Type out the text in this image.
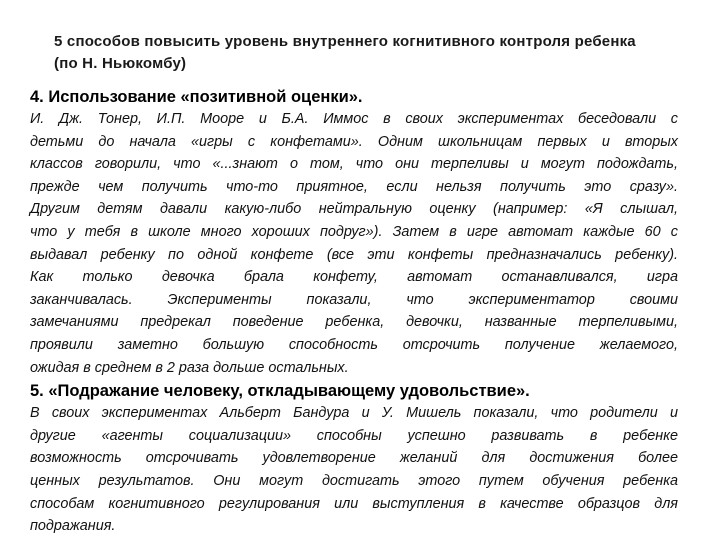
5 способов повысить уровень внутреннего когнитивного контроля ребенка
(по Н. Ньюкомбу)
4. Использование «позитивной оценки».
И. Дж. Тонер, И.П. Мооре и Б.А. Иммос в своих экспериментах беседовали с
детьми до начала «игры с конфетами». Одним школьницам первых и вторых
классов говорили, что «...знают о том, что они терпеливы и могут подождать,
прежде чем получить что-то приятное, если нельзя получить это сразу».
Другим детям давали какую-либо нейтральную оценку (например: «Я слышал,
что у тебя в школе много хороших подруг»). Затем в игре автомат каждые 60 с
выдавал ребенку по одной конфете (все эти конфеты предназначались ребенку).
Как только девочка брала конфету, автомат останавливался, игра
заканчивалась. Эксперименты показали, что экспериментатор своими
замечаниями предрекал поведение ребенка, девочки, названные терпеливыми,
проявили заметно большую способность отсрочить получение желаемого,
ожидая в среднем в 2 раза дольше остальных.
5. «Подражание человеку, откладывающему удовольствие».
В своих экспериментах Альберт Бандура и У. Мишель показали, что родители и
другие «агенты социализации» способны успешно развивать в ребенке
возможность отсрочивать удовлетворение желаний для достижения более
ценных результатов. Они могут достигать этого путем обучения ребенка
способам когнитивного регулирования или выступления в качестве образцов для
подражания.
